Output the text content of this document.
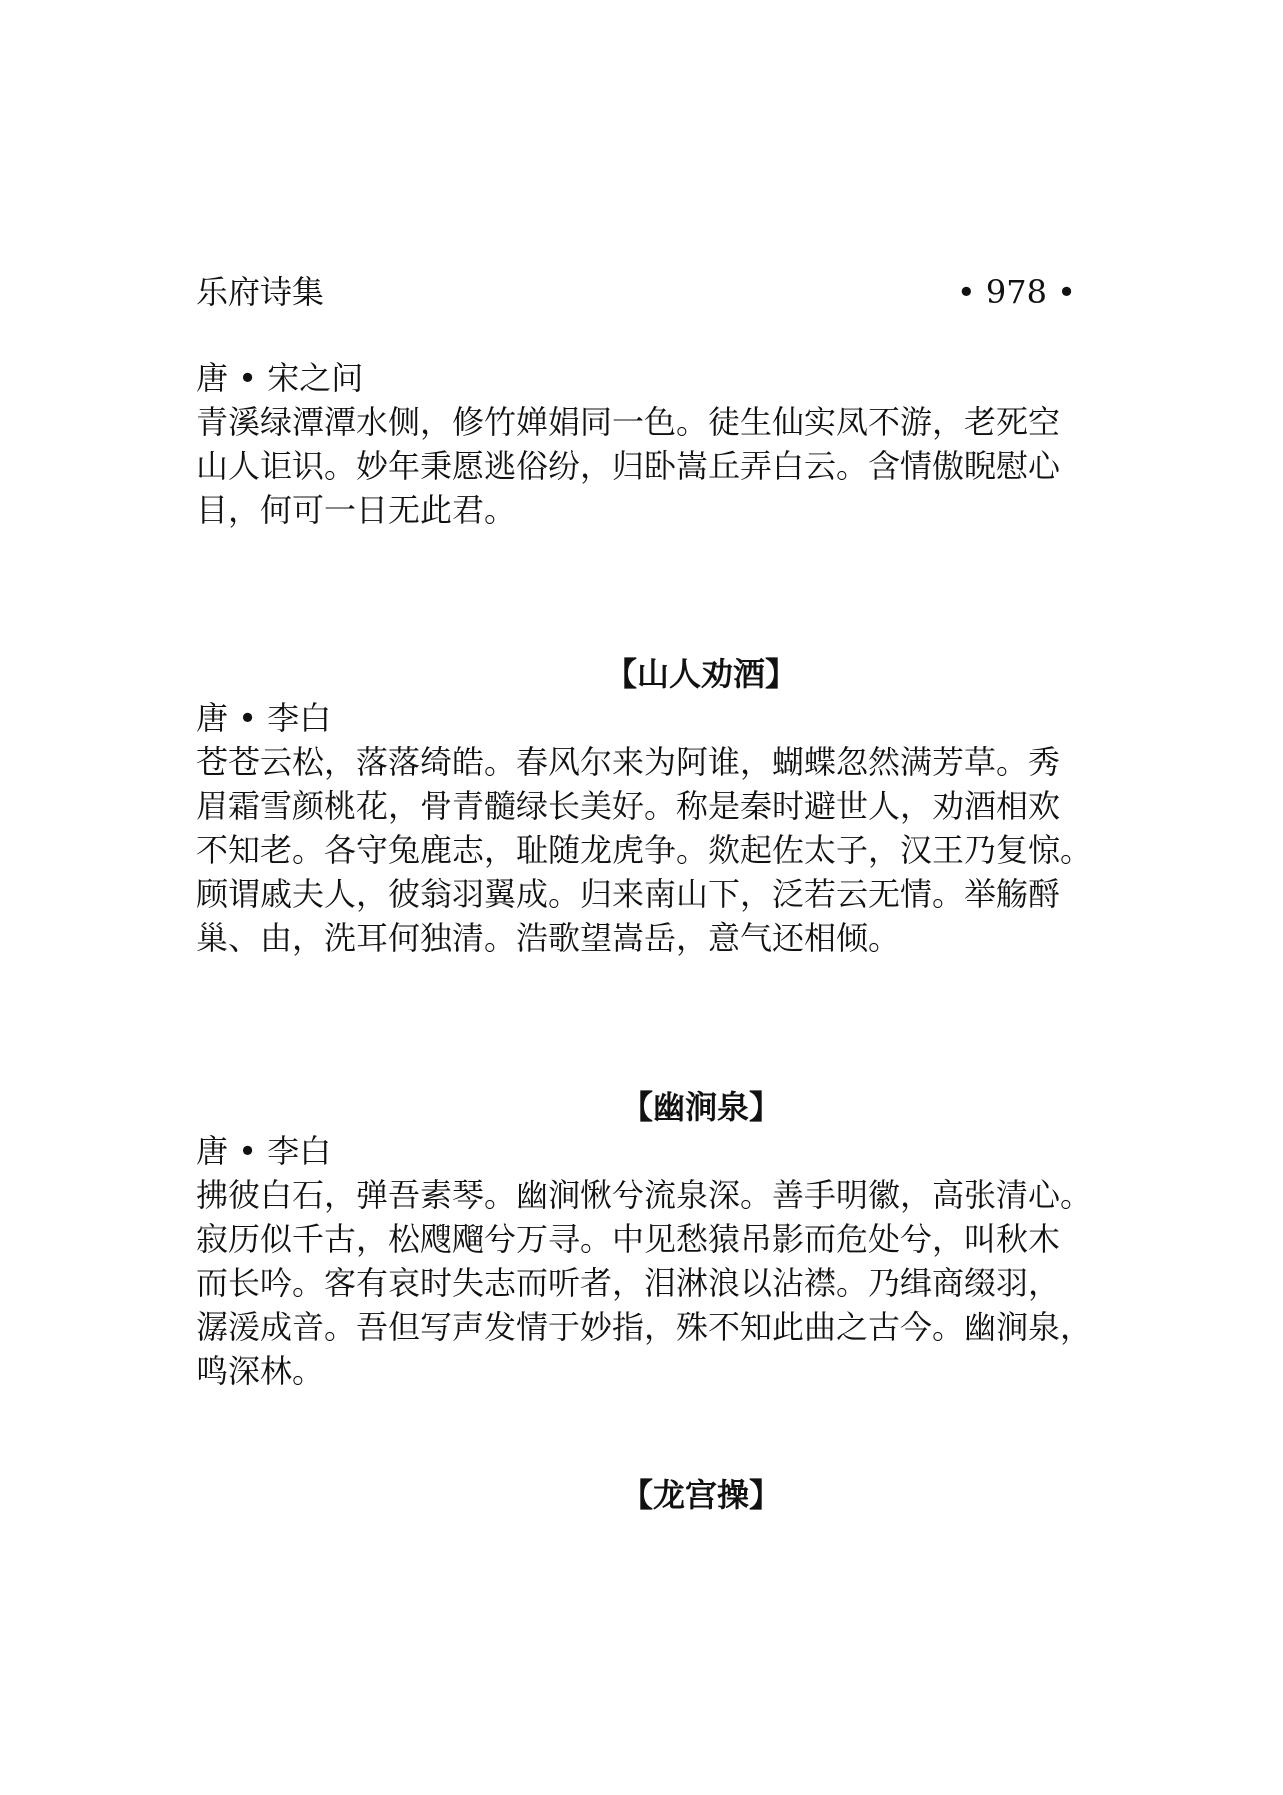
乐府诗集	• 978 •

唐 • 宋之问

青溪绿潭潭水侧，修竹婵娟同一色。徒生仙实凤不游，老死空
山人讵识。妙年秉愿逃俗纷，归卧嵩丘弄白云。含情傲睨慰心
目，何可一日无此君。

【山人劝酒】

唐 • 李白

苍苍云松，落落绮皓。春风尔来为阿谁，蝴蝶忽然满芳草。秀
眉霜雪颜桃花，骨青髓绿长美好。称是秦时避世人，劝酒相欢
不知老。各守兔鹿志，耻随龙虎争。欻起佐太子，汉王乃复惊。
顾谓戚夫人，彼翁羽翼成。归来南山下，泛若云无情。举觞酹
巢、由，洗耳何独清。浩歌望嵩岳，意气还相倾。

【幽涧泉】

唐 • 李白

拂彼白石，弹吾素琴。幽涧愀兮流泉深。善手明徽，高张清心。
寂历似千古，松飕飗兮万寻。中见愁猿吊影而危处兮，叫秋木
而长吟。客有哀时失志而听者，泪淋浪以沾襟。乃缉商缀羽，
潺湲成音。吾但写声发情于妙指，殊不知此曲之古今。幽涧泉，
鸣深林。

【龙宫操】
